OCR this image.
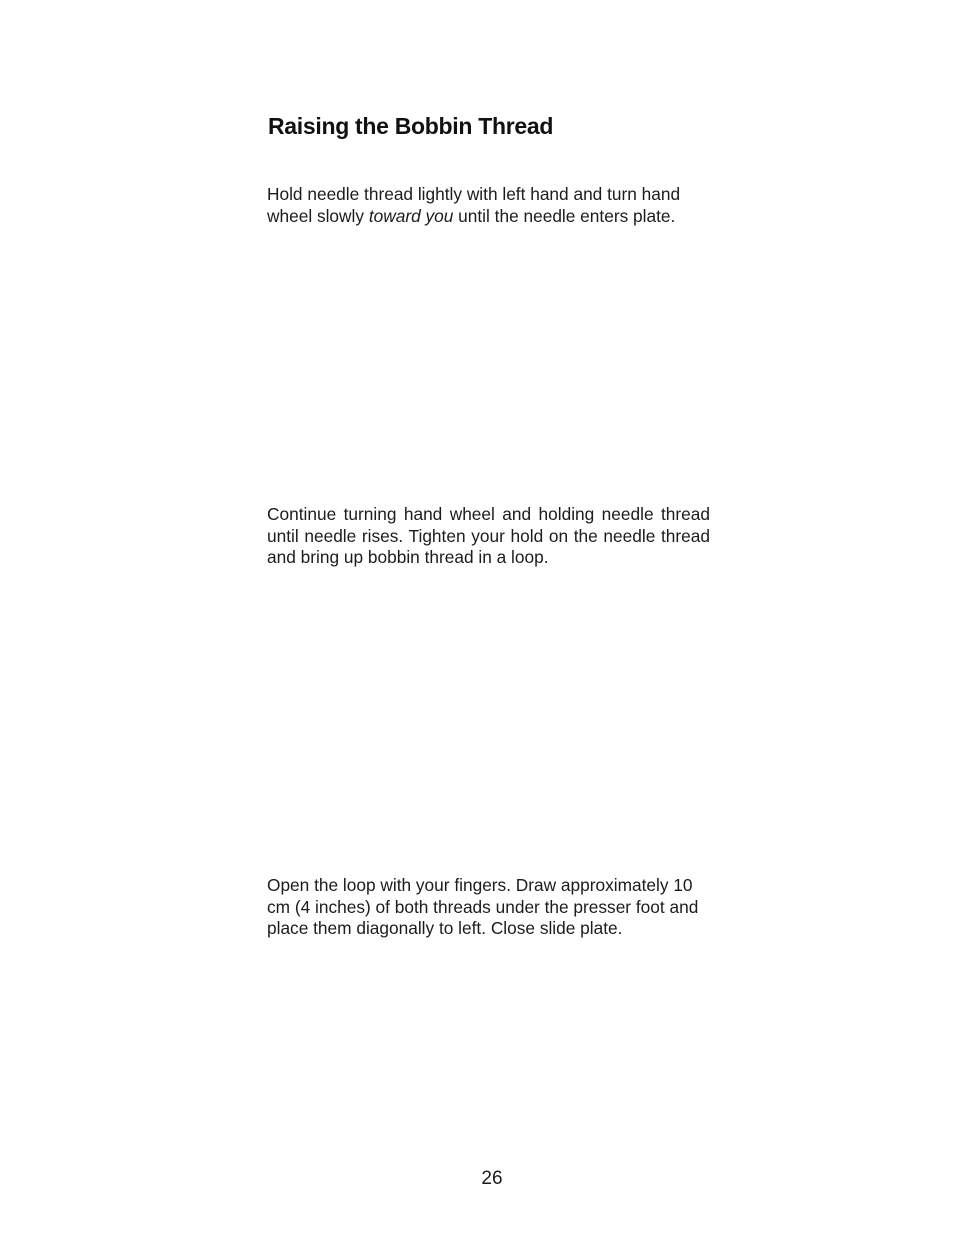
Raising the Bobbin Thread

Hold needle thread lightly with left hand and turn hand wheel slowly toward you until the needle enters plate.

Continue turning hand wheel and holding needle thread until needle rises. Tighten your hold on the needle thread and bring up bobbin thread in a loop.

Open the loop with your fingers. Draw approximately 10 cm (4 inches) of both threads under the presser foot and place them diagonally to left. Close slide plate.

26
